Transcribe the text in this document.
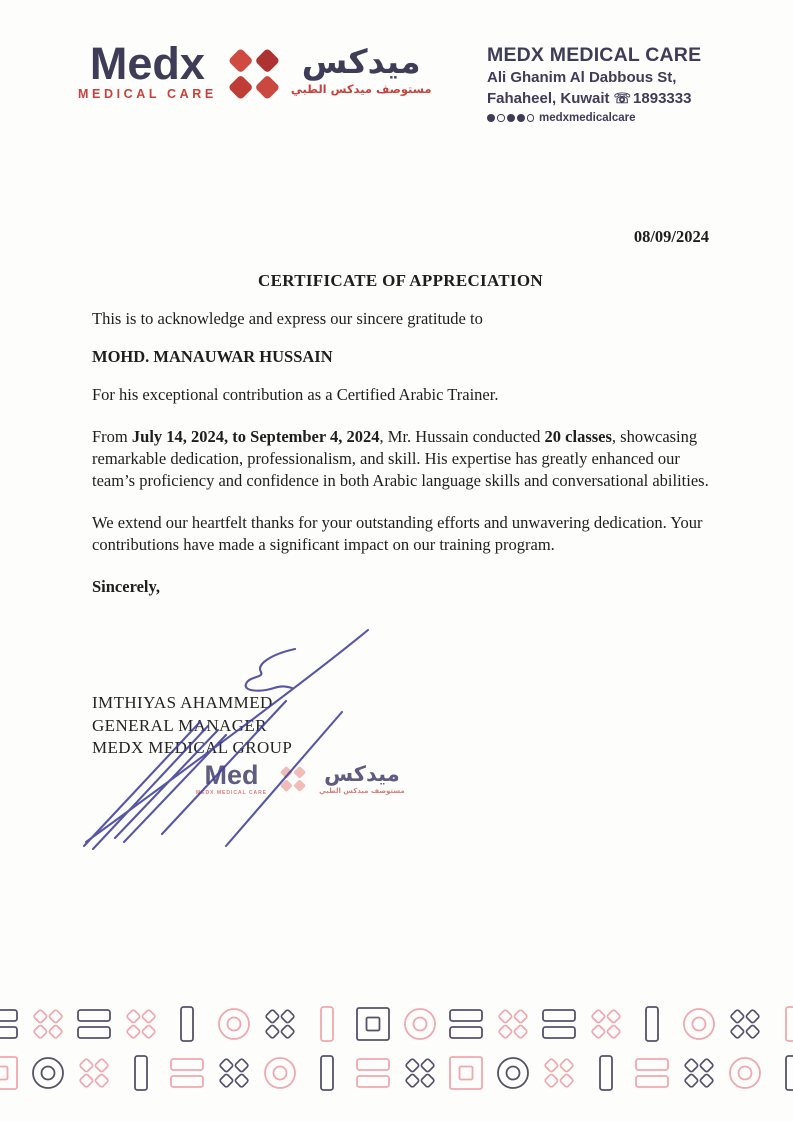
Medx
MEDICAL CARE
ميدكس
مستوصف ميدكس الطبي
MEDX MEDICAL CARE
Ali Ghanim Al Dabbous St,
Fahaheel, Kuwait ☏ 1893333
medxmedicalcare
08/09/2024
CERTIFICATE OF APPRECIATION

This is to acknowledge and express our sincere gratitude to

MOHD. MANAUWAR HUSSAIN

For his exceptional contribution as a Certified Arabic Trainer.

From July 14, 2024, to September 4, 2024, Mr. Hussain conducted 20 classes, showcasing remarkable dedication, professionalism, and skill. His expertise has greatly enhanced our team’s proficiency and confidence in both Arabic language skills and conversational abilities.

We extend our heartfelt thanks for your outstanding efforts and unwavering dedication. Your contributions have made a significant impact on our training program.

Sincerely,

IMTHIYAS AHAMMED
GENERAL MANAGER
MEDX MEDICAL GROUP
Med
MEDX MEDICAL CARE
ميدكس
مستوصف ميدكس الطبي
